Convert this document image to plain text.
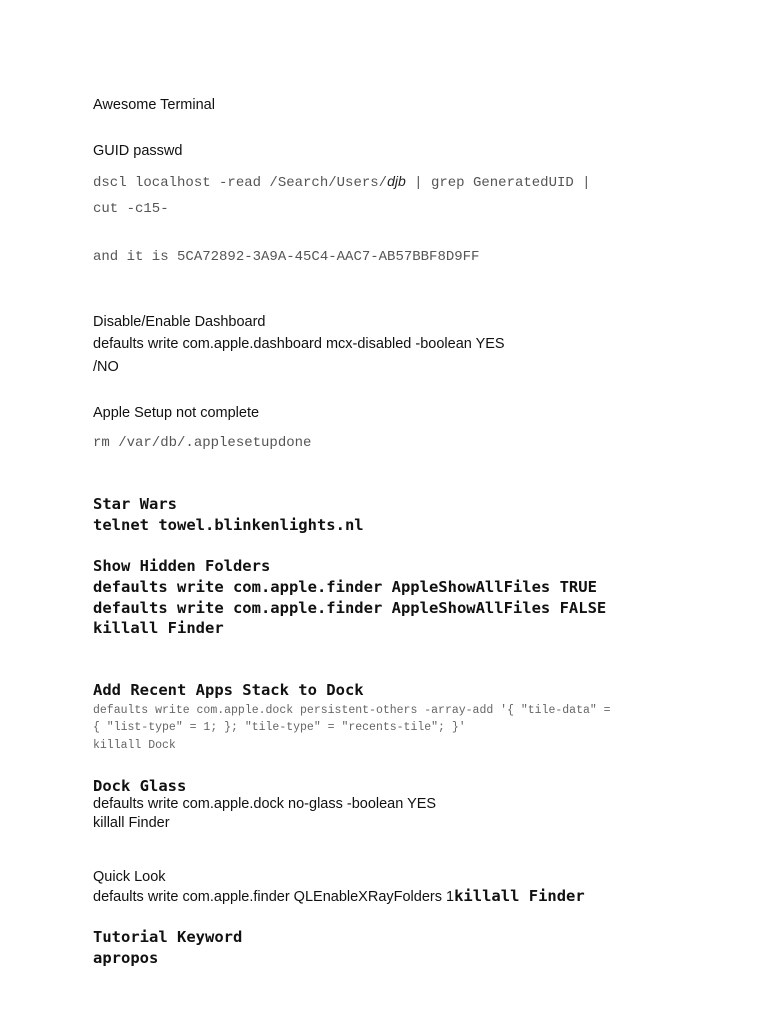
Awesome Terminal

GUID passwd

dscl localhost -read /Search/Users/djb | grep GeneratedUID |

cut -c15-

and it is 5CA72892-3A9A-45C4-AAC7-AB57BBF8D9FF

Disable/Enable Dashboard

defaults write com.apple.dashboard mcx-disabled -boolean YES

/NO

Apple Setup not complete

rm /var/db/.applesetupdone

Star Wars

telnet towel.blinkenlights.nl

Show Hidden Folders

defaults write com.apple.finder AppleShowAllFiles TRUE

defaults write com.apple.finder AppleShowAllFiles FALSE

killall Finder

Add Recent Apps Stack to Dock

defaults write com.apple.dock persistent-others -array-add '{ "tile-data" =

{ "list-type" = 1; }; "tile-type" = "recents-tile"; }'

killall Dock

Dock Glass

defaults write com.apple.dock no-glass -boolean YES

killall Finder

Quick Look

defaults write com.apple.finder QLEnableXRayFolders 1killall Finder

Tutorial Keyword

apropos
